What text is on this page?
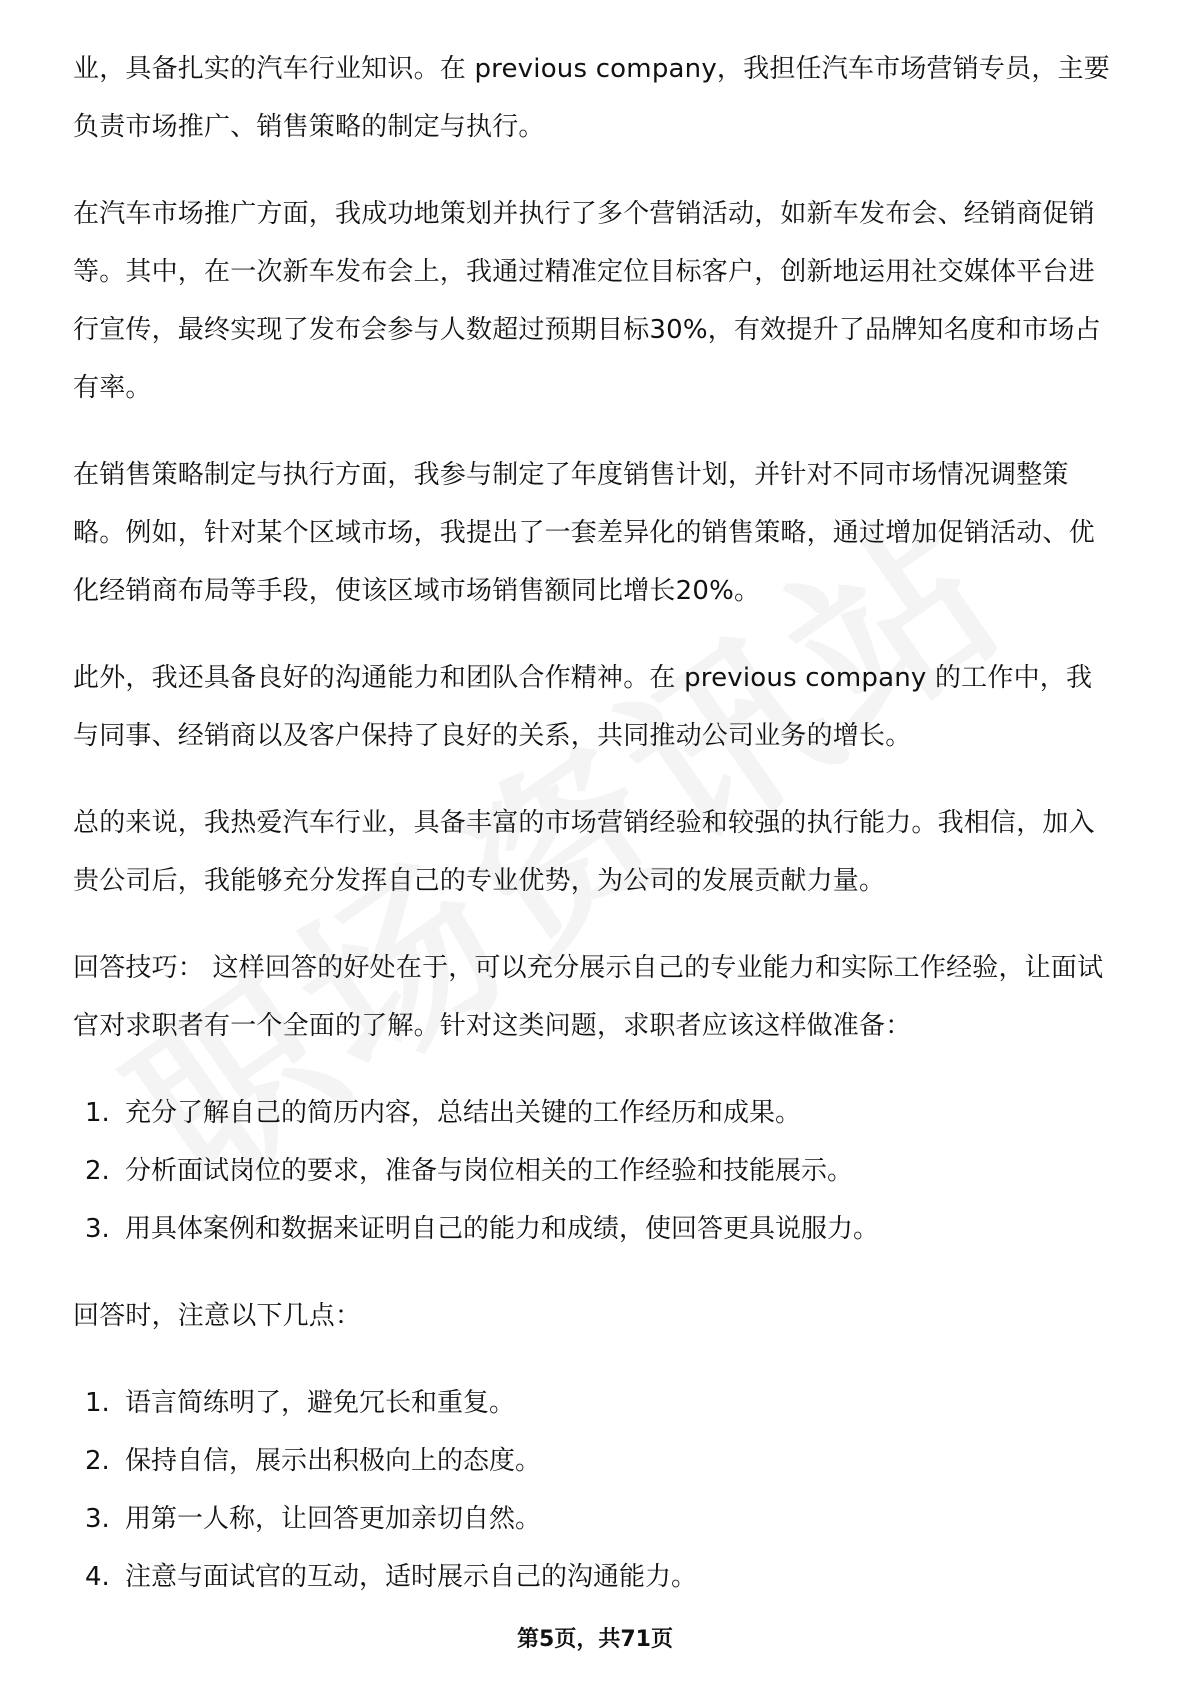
业，具备扎实的汽车行业知识。在 previous company，我担任汽车市场营销专员，主要负责市场推广、销售策略的制定与执行。

在汽车市场推广方面，我成功地策划并执行了多个营销活动，如新车发布会、经销商促销等。其中，在一次新车发布会上，我通过精准定位目标客户，创新地运用社交媒体平台进行宣传，最终实现了发布会参与人数超过预期目标30%，有效提升了品牌知名度和市场占有率。

在销售策略制定与执行方面，我参与制定了年度销售计划，并针对不同市场情况调整策略。例如，针对某个区域市场，我提出了一套差异化的销售策略，通过增加促销活动、优化经销商布局等手段，使该区域市场销售额同比增长20%。

此外，我还具备良好的沟通能力和团队合作精神。在 previous company 的工作中，我与同事、经销商以及客户保持了良好的关系，共同推动公司业务的增长。

总的来说，我热爱汽车行业，具备丰富的市场营销经验和较强的执行能力。我相信，加入贵公司后，我能够充分发挥自己的专业优势，为公司的发展贡献力量。

回答技巧： 这样回答的好处在于，可以充分展示自己的专业能力和实际工作经验，让面试官对求职者有一个全面的了解。针对这类问题，求职者应该这样做准备：

1. 充分了解自己的简历内容，总结出关键的工作经历和成果。
2. 分析面试岗位的要求，准备与岗位相关的工作经验和技能展示。
3. 用具体案例和数据来证明自己的能力和成绩，使回答更具说服力。

回答时，注意以下几点：

1. 语言简练明了，避免冗长和重复。
2. 保持自信，展示出积极向上的态度。
3. 用第一人称，让回答更加亲切自然。
4. 注意与面试官的互动，适时展示自己的沟通能力。
第5页，共71页
